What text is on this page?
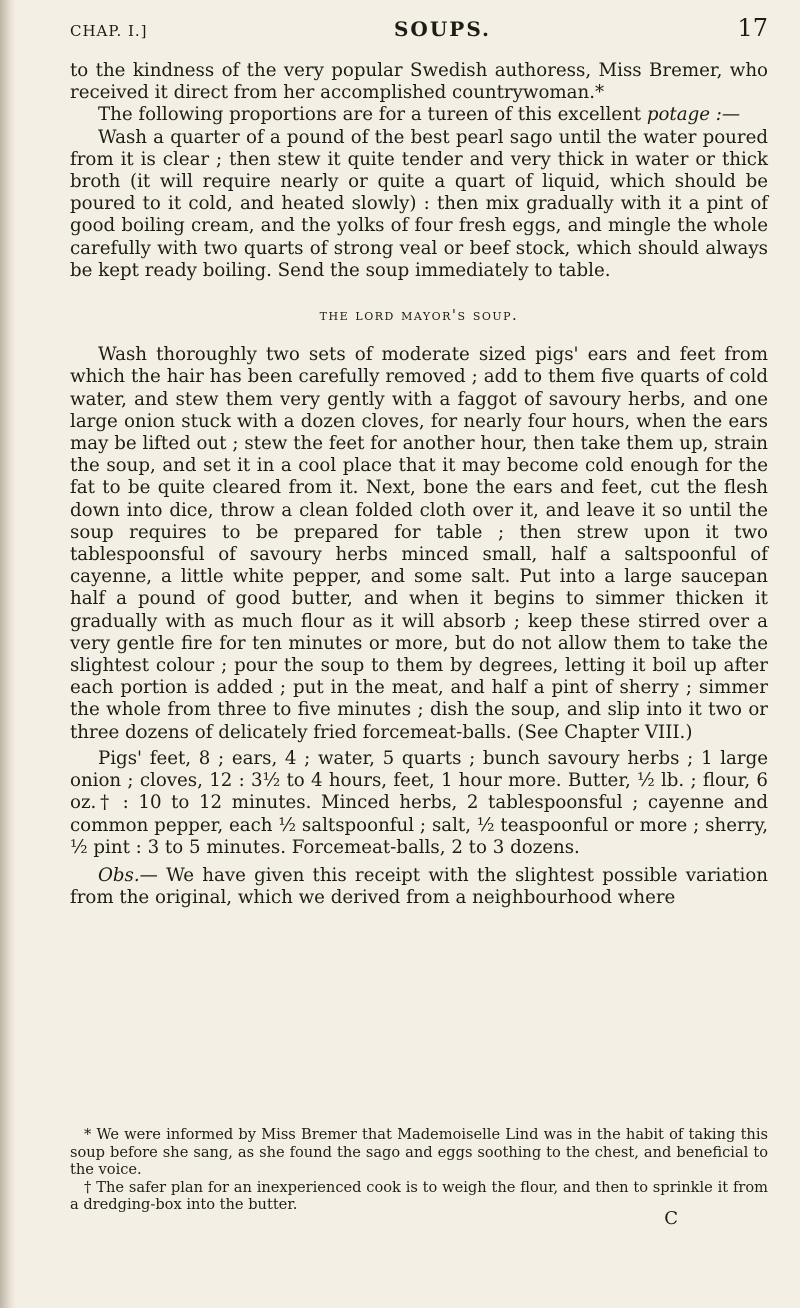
CHAP. I.]	SOUPS.	17

to the kindness of the very popular Swedish authoress, Miss Bremer, who received it direct from her accomplished countrywoman.*

The following proportions are for a tureen of this excellent potage :—

Wash a quarter of a pound of the best pearl sago until the water poured from it is clear ; then stew it quite tender and very thick in water or thick broth (it will require nearly or quite a quart of liquid, which should be poured to it cold, and heated slowly) : then mix gradually with it a pint of good boiling cream, and the yolks of four fresh eggs, and mingle the whole carefully with two quarts of strong veal or beef stock, which should always be kept ready boiling. Send the soup immediately to table.

the lord mayor's soup.

Wash thoroughly two sets of moderate sized pigs' ears and feet from which the hair has been carefully removed ; add to them five quarts of cold water, and stew them very gently with a faggot of savoury herbs, and one large onion stuck with a dozen cloves, for nearly four hours, when the ears may be lifted out ; stew the feet for another hour, then take them up, strain the soup, and set it in a cool place that it may become cold enough for the fat to be quite cleared from it. Next, bone the ears and feet, cut the flesh down into dice, throw a clean folded cloth over it, and leave it so until the soup requires to be prepared for table ; then strew upon it two tablespoonsful of savoury herbs minced small, half a saltspoonful of cayenne, a little white pepper, and some salt. Put into a large saucepan half a pound of good butter, and when it begins to simmer thicken it gradually with as much flour as it will absorb ; keep these stirred over a very gentle fire for ten minutes or more, but do not allow them to take the slightest colour ; pour the soup to them by degrees, letting it boil up after each portion is added ; put in the meat, and half a pint of sherry ; simmer the whole from three to five minutes ; dish the soup, and slip into it two or three dozens of delicately fried forcemeat-balls. (See Chapter VIII.)

Pigs' feet, 8 ; ears, 4 ; water, 5 quarts ; bunch savoury herbs ; 1 large onion ; cloves, 12 : 3½ to 4 hours, feet, 1 hour more. Butter, ½ lb. ; flour, 6 oz.† : 10 to 12 minutes. Minced herbs, 2 tablespoonsful ; cayenne and common pepper, each ½ saltspoonful ; salt, ½ teaspoonful or more ; sherry, ½ pint : 3 to 5 minutes. Forcemeat-balls, 2 to 3 dozens.

Obs.— We have given this receipt with the slightest possible variation from the original, which we derived from a neighbourhood where

* We were informed by Miss Bremer that Mademoiselle Lind was in the habit of taking this soup before she sang, as she found the sago and eggs soothing to the chest, and beneficial to the voice.

† The safer plan for an inexperienced cook is to weigh the flour, and then to sprinkle it from a dredging-box into the butter.

C
